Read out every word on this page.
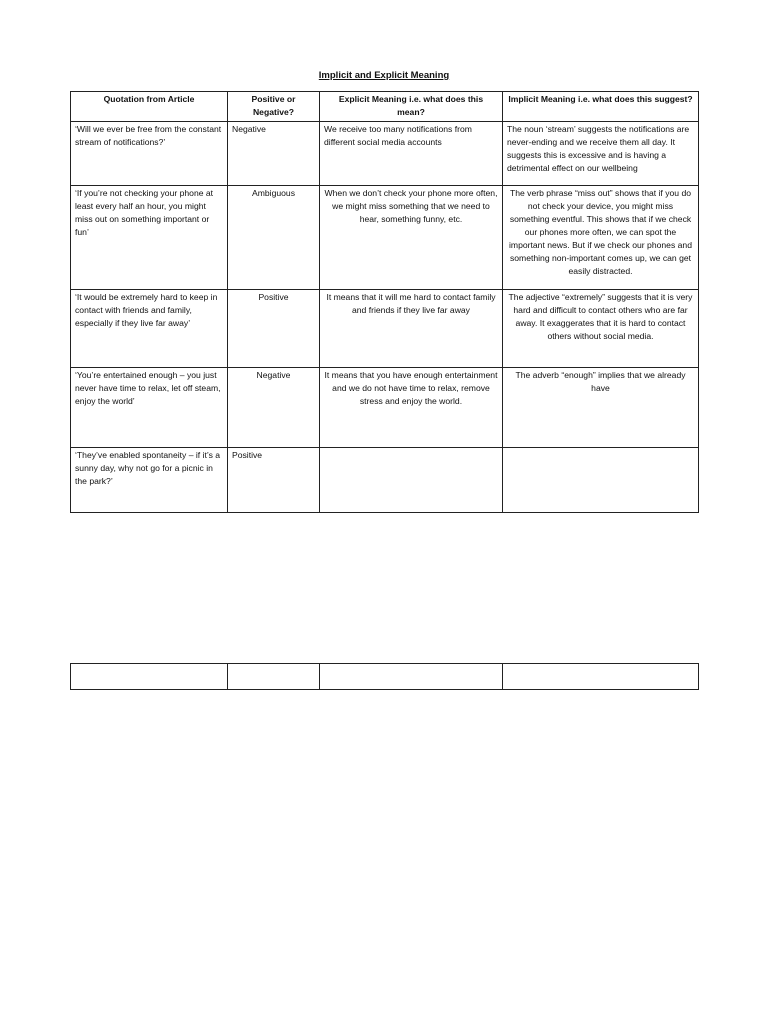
Implicit and Explicit Meaning
Quotation from Article	Positive or Negative?	Explicit Meaning i.e. what does this mean?	Implicit Meaning i.e. what does this suggest?
‘Will we ever be free from the constant stream of notifications?’	Negative	We receive too many notifications from different social media accounts	The noun ‘stream’ suggests the notifications are never-ending and we receive them all day. It suggests this is excessive and is having a detrimental effect on our wellbeing
‘If you’re not checking your phone at least every half an hour, you might miss out on something important or fun’	Ambiguous	When we don’t check your phone more often, we might miss something that we need to hear, something funny, etc.	The verb phrase “miss out” shows that if you do not check your device, you might miss something eventful. This shows that if we check our phones more often, we can spot the important news. But if we check our phones and something non-important comes up, we can get easily distracted.
‘It would be extremely hard to keep in contact with friends and family, especially if they live far away’	Positive	It means that it will me hard to contact family and friends if they live far away	The adjective “extremely” suggests that it is very hard and difficult to contact others who are far away. It exaggerates that it is hard to contact others without social media.
‘You’re entertained enough – you just never have time to relax, let off steam, enjoy the world’	Negative	It means that you have enough entertainment and we do not have time to relax, remove stress and enjoy the world.	The adverb “enough” implies that we already have
‘They’ve enabled spontaneity – if it’s a sunny day, why not go for a picnic in the park?’	Positive		
